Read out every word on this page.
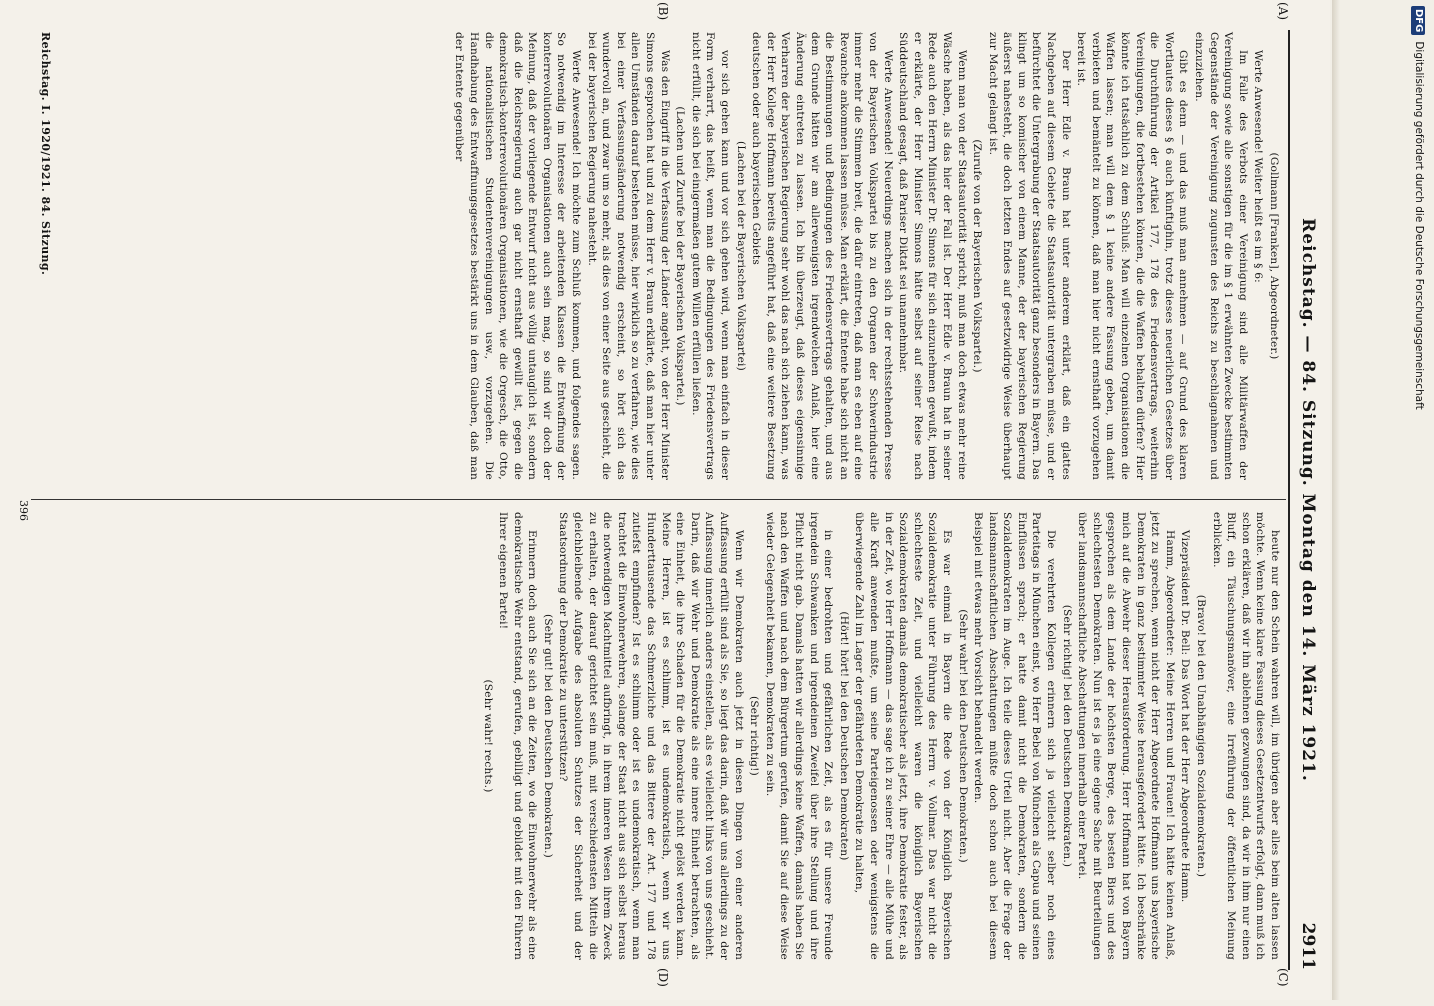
Reichstag. — 84. Sitzung. Montag den 14. März 1921.
2911
(A)
(B)
(C)
(D)

(Gollmann [Franken], Abgeordneter.)

Werte Anwesende! Weiter heißt es im § 6:

Im Falle des Verbots einer Vereinigung sind alle Militärwaffen der Vereinigung sowie alle sonstigen für die im § 1 erwähnten Zwecke bestimmten Gegenstände der Vereinigung zugunsten des Reichs zu beschlagnahmen und einzuziehen.

Gibt es denn — und das muß man annehmen — auf Grund des klaren Wortlautes dieses § 6 auch künftighin, trotz dieses neuerlichen Gesetzes über die Durchführung der Artikel 177, 178 des Friedensvertrags, weiterhin Vereinigungen, die fortbestehen können, die die Waffen behalten dürfen? Hier könnte ich tatsächlich zu dem Schluß: Man will einzelnen Organisationen die Waffen lassen; man will dem § 1 keine andere Fassung geben, um damit verbieten und bemäntelt zu können, daß man hier nicht ernsthaft vorzugehen bereit ist.

Der Herr Edle v. Braun hat unter anderem erklärt, daß ein glattes Nachgeben auf diesem Gebiete die Staatsautorität untergraben müsse, und er befürchtet die Untergrabung der Staatsautorität ganz besonders in Bayern. Das klingt um so komischer von einem Manne, der der bayerischen Regierung äußerst nahesteht, die doch letzten Endes auf gesetzwidrige Weise überhaupt zur Macht gelangt ist.

(Zurufe von der Bayerischen Volkspartei.)

Wenn man von der Staatsautorität spricht, muß man doch etwas mehr reine Wäsche haben, als das hier der Fall ist. Der Herr Edle v. Braun hat in seiner Rede auch den Herrn Minister Dr. Simons für sich einzunehmen gewußt, indem er erklärte, der Herr Minister Simons hätte selbst auf seiner Reise nach Süddeutschland gesagt, daß Pariser Diktat sei unannehmbar.

Werte Anwesende! Neuerdings machen sich in der rechtsstehenden Presse von der Bayerischen Volkspartei bis zu den Organen der Schwerindustrie immer mehr die Stimmen breit, die dafür eintreten, daß man es eben auf eine Revanche ankommen lassen müsse. Man erklärt, die Entente habe sich nicht an die Bestimmungen und Bedingungen des Friedensvertrags gehalten, und aus dem Grunde hätten wir am allerwenigsten irgendwelchen Anlaß, hier eine Änderung eintreten zu lassen. Ich bin überzeugt, daß dieses eigensinnige Verharren der bayerischen Regierung sehr wohl das nach sich ziehen kann, was der Herr Kollege Hoffmann bereits angeführt hat, daß eine weitere Besetzung deutschen oder auch bayerischen Gebiets

(Lachen bei der Bayerischen Volkspartei)

vor sich gehen kann und vor sich gehen wird, wenn man einfach in dieser Form verharrt, das heißt, wenn man die Bedingungen des Friedensvertrags nicht erfüllt, die sich bei einigermaßen gutem Willen erfüllen ließen.

(Lachen und Zurufe bei der Bayerischen Volkspartei.)

Was den Eingriff in die Verfassung der Länder angeht, von der Herr Minister Simons gesprochen hat und zu dem Herr v. Braun erklärte, daß man hier unter allen Umständen darauf bestehen müsse, hier wirklich so zu verfahren, wie dies bei einer Verfassungsänderung notwendig erscheint, so hört sich das wundervoll an, und zwar um so mehr, als dies von einer Seite aus geschieht, die bei der bayerischen Regierung nahesteht.

Werte Anwesende! Ich möchte zum Schluß kommen, und folgendes sagen. So notwendig im Interesse der arbeitenden Klassen die Entwaffnung der konterrevolutionären Organisationen auch sein mag, so sind wir doch der Meinung, daß der vorliegende Entwurf nicht aus völlig untauglich ist, sondern daß die Reichsregierung auch gar nicht ernsthaft gewillt ist, gegen die demokratisch-konterrevolutionären Organisationen, wie die Orgesch, die Otto, die nationalistischen Studentenvereinigungen usw., vorzugehen. Die Handhabung des Entwaffnungsgesetzes bestärkt uns in dem Glauben, daß man der Entente gegenüber

heute nur den Schein wahren will, im übrigen aber alles beim alten lassen möchte. Wenn keine klare Fassung dieses Gesetzentwurfs erfolgt, dann muß ich schon erklären, daß wir ihn ablehnen gezwungen sind, da wir in ihm nur einen Bluff, ein Täuschungsmanöver, eine Irreführung der öffentlichen Meinung erblicken.

(Bravo! bei den Unabhängigen Sozialdemokraten.)

Vizepräsident Dr. Bell: Das Wort hat der Herr Abgeordnete Hamm.

Hamm, Abgeordneter: Meine Herren und Frauen! Ich hätte keinen Anlaß, jetzt zu sprechen, wenn nicht der Herr Abgeordnete Hoffmann uns bayerische Demokraten in ganz bestimmter Weise herausgefordert hätte. Ich beschränke mich auf die Abwehr dieser Herausforderung. Herr Hoffmann hat von Bayern gesprochen als dem Lande der höchsten Berge, des besten Biers und des schlechtesten Demokraten. Nun ist es ja eine eigene Sache mit Beurteilungen über landsmannschaftliche Abschattungen innerhalb einer Partei.

(Sehr richtig! bei den Deutschen Demokraten.)

Die verehrten Kollegen erinnern sich ja vielleicht selber noch eines Parteitags in München einst, wo Herr Bebel von München als Capua und seinen Einflüssen sprach; er hatte damit nicht die Demokraten, sondern die Sozialdemokraten im Auge. Ich teile dieses Urteil nicht. Aber die Frage der landsmannschaftlichen Abschattungen müßte doch schon auch bei diesem Beispiel mit etwas mehr Vorsicht behandelt werden.

(Sehr wahr! bei den Deutschen Demokraten.)

Es war einmal in Bayern die Rede von der Königlich Bayerischen Sozialdemokratie unter Führung des Herrn v. Vollmar. Das war nicht die schlechteste Zeit, und vielleicht waren die königlich Bayerischen Sozialdemokraten damals demokratischer als jetzt, ihre Demokratie fester, als in der Zeit, wo Herr Hoffmann — das sage ich zu seiner Ehre — alle Mühe und alle Kraft anwenden mußte, um seine Parteigenossen oder wenigstens die überwiegende Zahl im Lager der gefährdeten Demokratie zu halten,

(Hört! hört! bei den Deutschen Demokraten)

in einer bedrohten und gefährlichen Zeit, als es für unsere Freunde irgendein Schwanken und irgendeinen Zweifel über ihre Stellung und ihre Pflicht nicht gab. Damals hatten wir allerdings keine Waffen, damals haben Sie nach den Waffen und nach dem Bürgertum gerufen, damit Sie auf diese Weise wieder Gelegenheit bekamen, Demokraten zu sein.

(Sehr richtig!)

Wenn wir Demokraten auch jetzt in diesen Dingen von einer anderen Auffassung erfüllt sind als Sie, so liegt das darin, daß wir uns allerdings zu der Auffassung innerlich anders einstellen, als es vielleicht links von uns geschieht. Darin, daß wir Wehr und Demokratie als eine innere Einheit betrachten, als eine Einheit, die ihre Schaden für die Demokratie nicht gelöst werden kann. Meine Herren, ist es schlimm, ist es undemokratisch, wenn wir uns Hunderttausende das Schmerzliche und das Bittere der Art. 177 und 178 zutiefst empfinden? Ist es schlimm oder ist es undemokratisch, wenn man trachtet die Einwohnerwehren, solange der Staat nicht aus sich selbst heraus die notwendigen Machtmittel aufbringt, in ihrem inneren Wesen ihrem Zweck zu erhalten, der darauf gerichtet sein muß, mit verschiedensten Mitteln die gleichbleibende Aufgabe des absoluten Schutzes der Sicherheit und der Staatsordnung der Demokratie zu unterstützen?

(Sehr gut! bei den Deutschen Demokraten.)

Erinnern doch auch Sie sich an die Zeiten, wo die Einwohnerwehr als eine demokratische Wehr entstand, gerufen, gebilligt und gebildet mit den Führern Ihrer eigenen Partei!

(Sehr wahr! rechts.)

Reichstag. I. 1920/1921. 84. Sitzung.
396
DFGDigitalisierung gefördert durch die Deutsche Forschungsgemeinschaft
